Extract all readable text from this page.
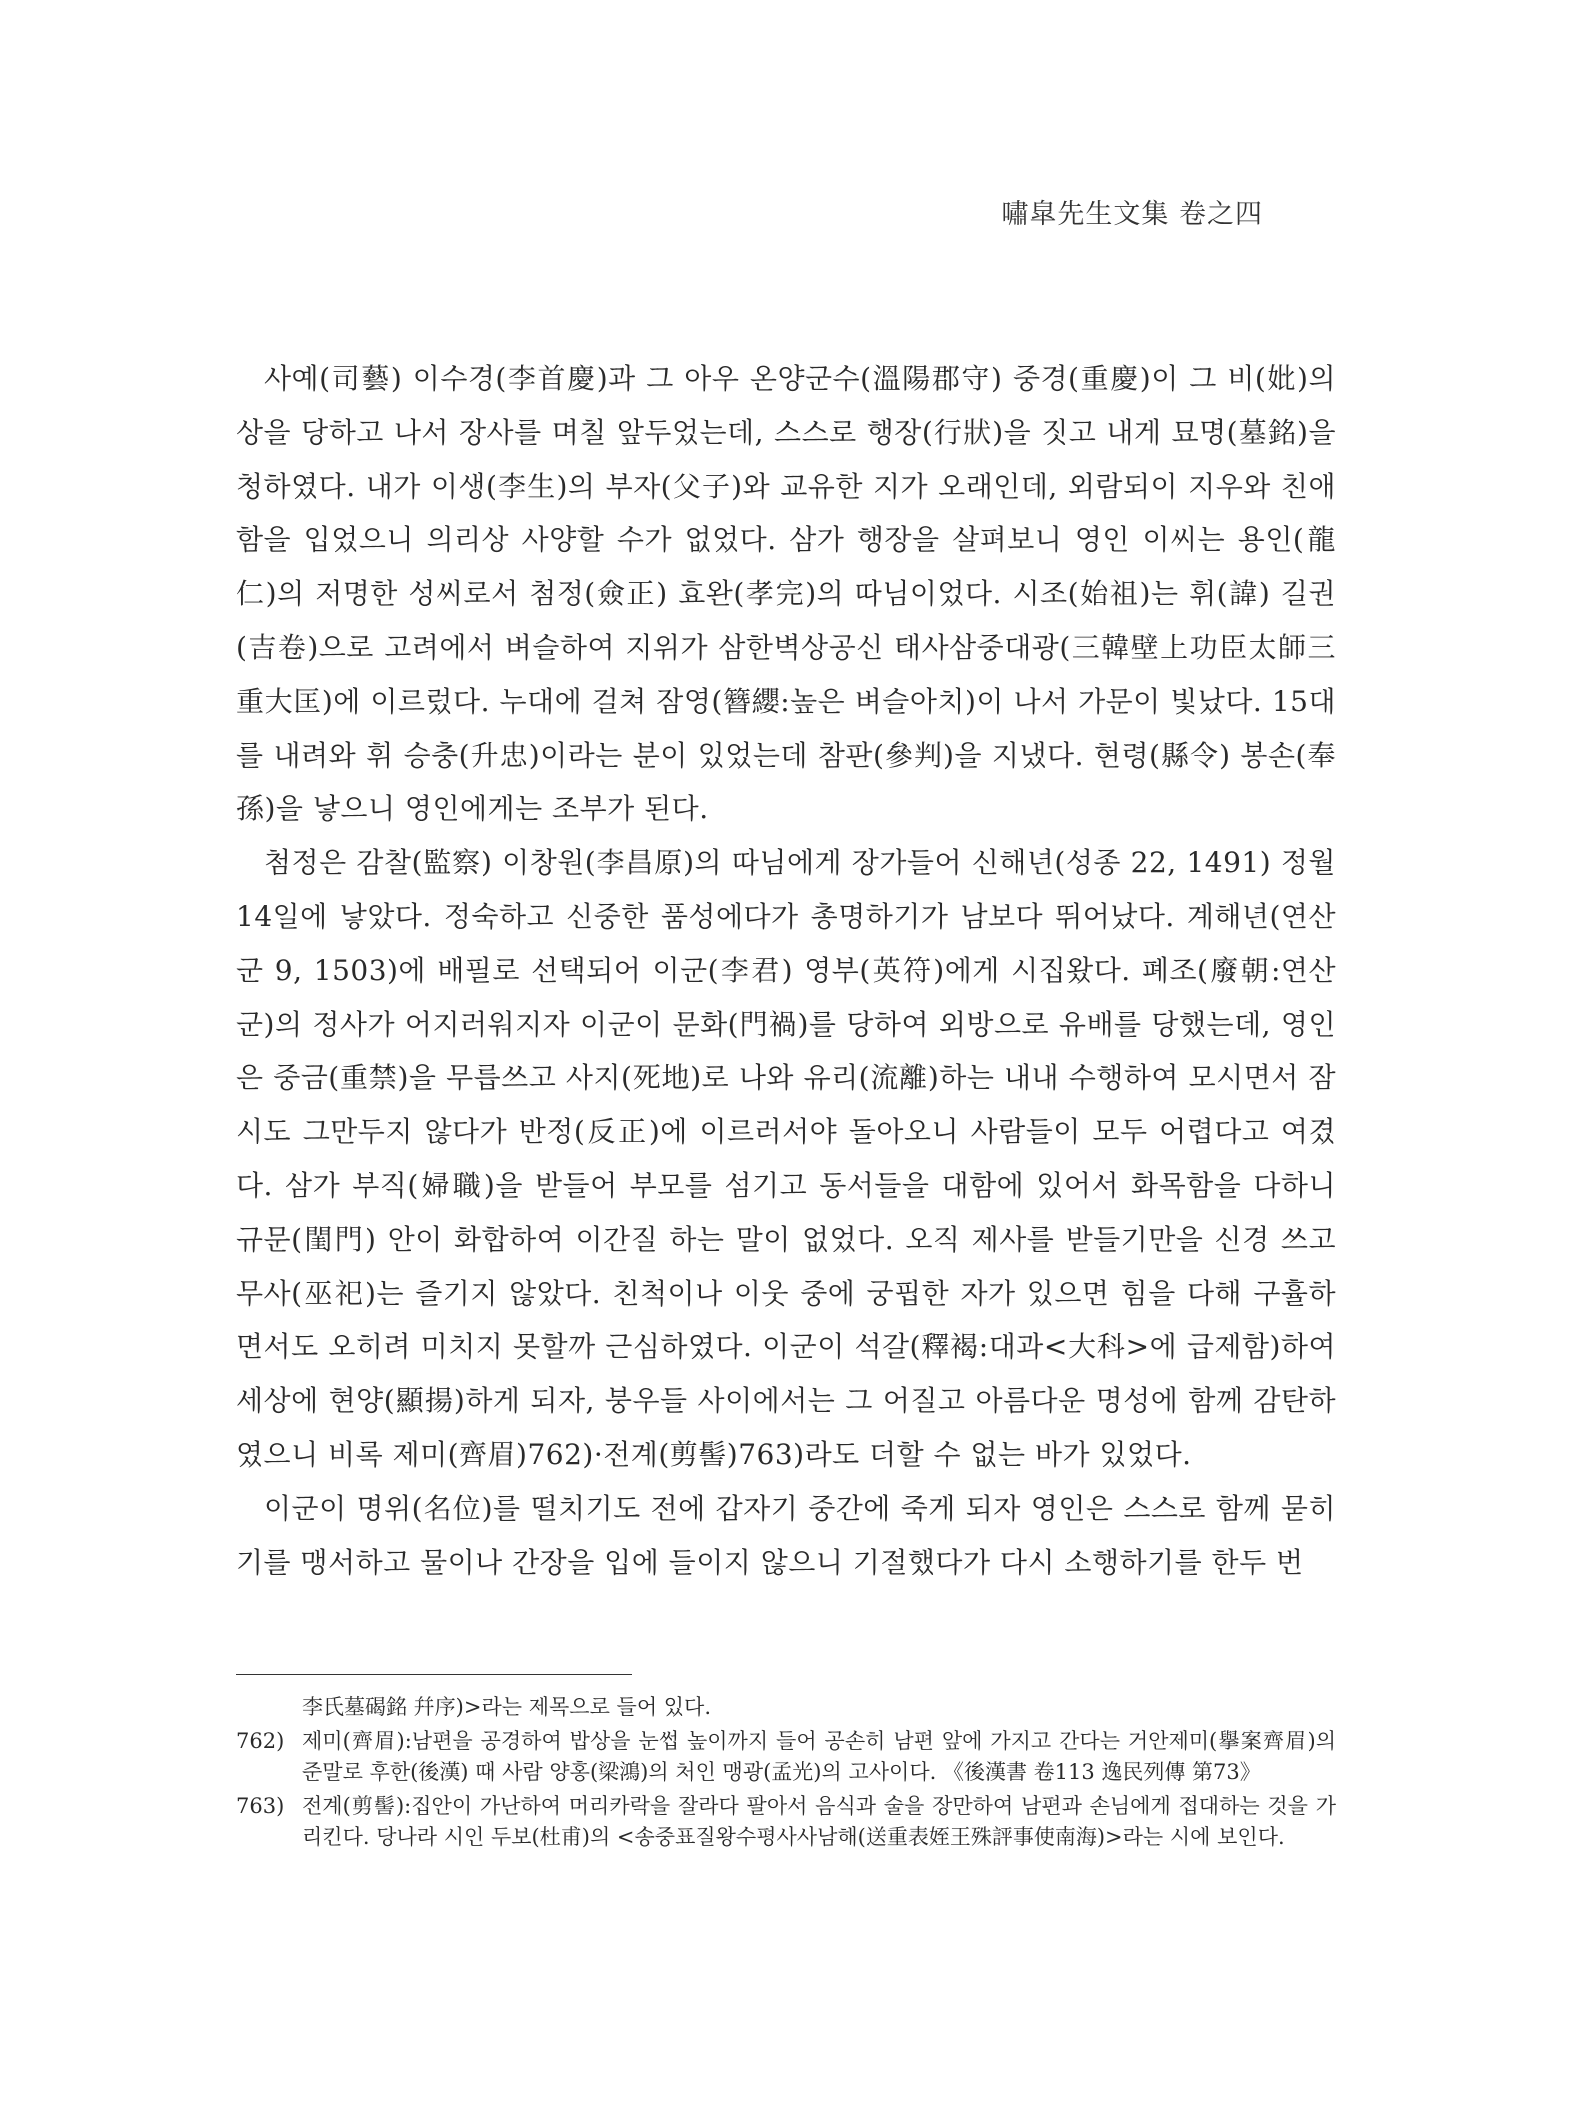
嘯皐先生文集 卷之四

사예(司藝) 이수경(李首慶)과 그 아우 온양군수(溫陽郡守) 중경(重慶)이 그 비(妣)의 상을 당하고 나서 장사를 며칠 앞두었는데, 스스로 행장(行狀)을 짓고 내게 묘명(墓銘)을 청하였다. 내가 이생(李生)의 부자(父子)와 교유한 지가 오래인데, 외람되이 지우와 친애함을 입었으니 의리상 사양할 수가 없었다. 삼가 행장을 살펴보니 영인 이씨는 용인(龍仁)의 저명한 성씨로서 첨정(僉正) 효완(孝完)의 따님이었다. 시조(始祖)는 휘(諱) 길권(吉卷)으로 고려에서 벼슬하여 지위가 삼한벽상공신 태사삼중대광(三韓壁上功臣太師三重大匡)에 이르렀다. 누대에 걸쳐 잠영(簪纓:높은 벼슬아치)이 나서 가문이 빛났다. 15대를 내려와 휘 승충(升忠)이라는 분이 있었는데 참판(參判)을 지냈다. 현령(縣令) 봉손(奉孫)을 낳으니 영인에게는 조부가 된다.

첨정은 감찰(監察) 이창원(李昌原)의 따님에게 장가들어 신해년(성종 22, 1491) 정월 14일에 낳았다. 정숙하고 신중한 품성에다가 총명하기가 남보다 뛰어났다. 계해년(연산군 9, 1503)에 배필로 선택되어 이군(李君) 영부(英符)에게 시집왔다. 폐조(廢朝:연산군)의 정사가 어지러워지자 이군이 문화(門禍)를 당하여 외방으로 유배를 당했는데, 영인은 중금(重禁)을 무릅쓰고 사지(死地)로 나와 유리(流離)하는 내내 수행하여 모시면서 잠시도 그만두지 않다가 반정(反正)에 이르러서야 돌아오니 사람들이 모두 어렵다고 여겼다. 삼가 부직(婦職)을 받들어 부모를 섬기고 동서들을 대함에 있어서 화목함을 다하니 규문(閨門) 안이 화합하여 이간질 하는 말이 없었다. 오직 제사를 받들기만을 신경 쓰고 무사(巫祀)는 즐기지 않았다. 친척이나 이웃 중에 궁핍한 자가 있으면 힘을 다해 구휼하면서도 오히려 미치지 못할까 근심하였다. 이군이 석갈(釋褐:대과<大科>에 급제함)하여 세상에 현양(顯揚)하게 되자, 붕우들 사이에서는 그 어질고 아름다운 명성에 함께 감탄하였으니 비록 제미(齊眉)762)·전계(剪髻)763)라도 더할 수 없는 바가 있었다.

이군이 명위(名位)를 떨치기도 전에 갑자기 중간에 죽게 되자 영인은 스스로 함께 묻히기를 맹서하고 물이나 간장을 입에 들이지 않으니 기절했다가 다시 소행하기를 한두 번

李氏墓碣銘 幷序)>라는 제목으로 들어 있다.

762) 제미(齊眉):남편을 공경하여 밥상을 눈썹 높이까지 들어 공손히 남편 앞에 가지고 간다는 거안제미(擧案齊眉)의 준말로 후한(後漢) 때 사람 양홍(梁鴻)의 처인 맹광(孟光)의 고사이다. 《後漢書 卷113 逸民列傳 第73》
763) 전계(剪髻):집안이 가난하여 머리카락을 잘라다 팔아서 음식과 술을 장만하여 남편과 손님에게 접대하는 것을 가리킨다. 당나라 시인 두보(杜甫)의 <송중표질왕수평사사남해(送重表姪王殊評事使南海)>라는 시에 보인다.
